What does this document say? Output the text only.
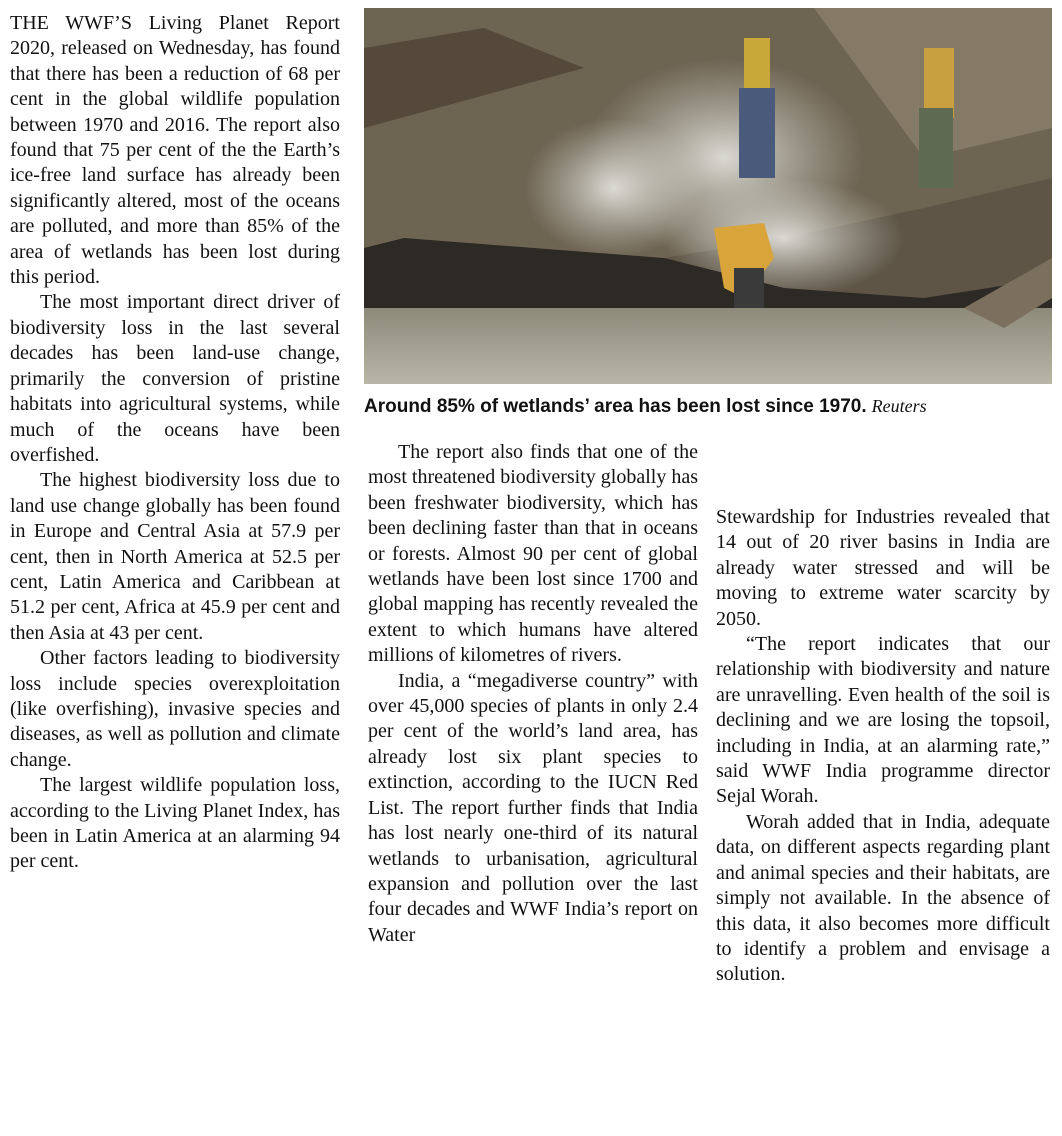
THE WWF’S Living Planet Report 2020, released on Wednesday, has found that there has been a reduction of 68 per cent in the global wildlife population between 1970 and 2016. The report also found that 75 per cent of the the Earth’s ice-free land surface has already been significantly altered, most of the oceans are polluted, and more than 85% of the area of wetlands has been lost during this period.

The most important direct driver of biodiversity loss in the last several decades has been land-use change, primarily the conversion of pristine habitats into agricultural systems, while much of the oceans have been overfished.

The highest biodiversity loss due to land use change globally has been found in Europe and Central Asia at 57.9 per cent, then in North America at 52.5 per cent, Latin America and Caribbean at 51.2 per cent, Africa at 45.9 per cent and then Asia at 43 per cent.

Other factors leading to biodiversity loss include species overexploitation (like overfishing), invasive species and diseases, as well as pollution and climate change.

The largest wildlife population loss, according to the Living Planet Index, has been in Latin America at an alarming 94 per cent.

Around 85% of wetlands’ area has been lost since 1970. Reuters

The report also finds that one of the most threatened biodiversity globally has been freshwater biodiversity, which has been declining faster than that in oceans or forests. Almost 90 per cent of global wetlands have been lost since 1700 and global mapping has recently revealed the extent to which humans have altered millions of kilometres of rivers.

India, a “megadiverse country” with over 45,000 species of plants in only 2.4 per cent of the world’s land area, has already lost six plant species to extinction, according to the IUCN Red List. The report further finds that India has lost nearly one-third of its natural wetlands to urbanisation, agricultural expansion and pollution over the last four decades and WWF India’s report on Water

Stewardship for Industries revealed that 14 out of 20 river basins in India are already water stressed and will be moving to extreme water scarcity by 2050.

“The report indicates that our relationship with biodiversity and nature are unravelling. Even health of the soil is declining and we are losing the topsoil, including in India, at an alarming rate,” said WWF India programme director Sejal Worah.

Worah added that in India, adequate data, on different aspects regarding plant and animal species and their habitats, are simply not available. In the absence of this data, it also becomes more difficult to identify a problem and envisage a solution.
